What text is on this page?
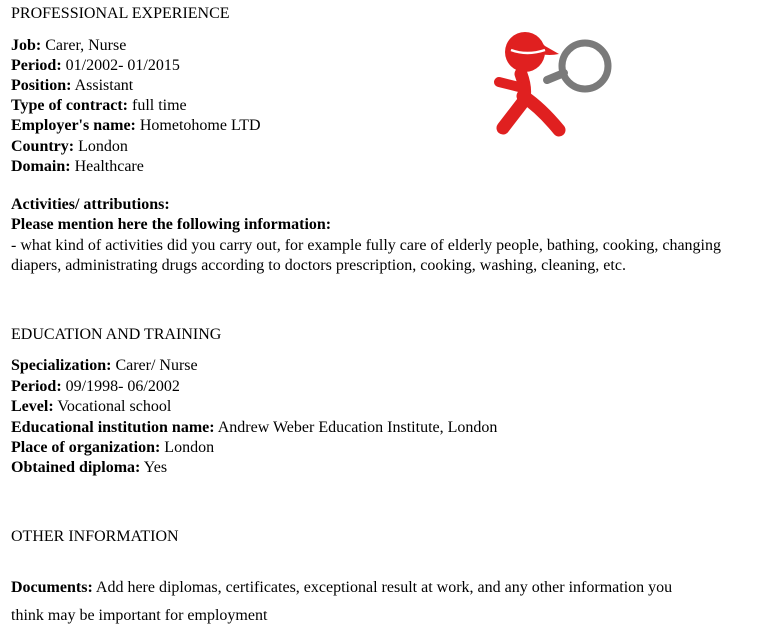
PROFESSIONAL EXPERIENCE
Job: Carer, Nurse
Period: 01/2002- 01/2015
Position: Assistant
Type of contract: full time
Employer's name: Hometohome LTD
Country: London
Domain: Healthcare
Activities/ attributions:
Please mention here the following information:
- what kind of activities did you carry out, for example fully care of elderly people, bathing, cooking, changing diapers, administrating drugs according to doctors prescription, cooking, washing, cleaning, etc.
EDUCATION AND TRAINING
Specialization: Carer/ Nurse
Period: 09/1998- 06/2002
Level: Vocational school
Educational institution name: Andrew Weber Education Institute, London
Place of organization: London
Obtained diploma: Yes
OTHER INFORMATION
Documents: Add here diplomas, certificates, exceptional result at work, and any other information you
think may be important for employment
